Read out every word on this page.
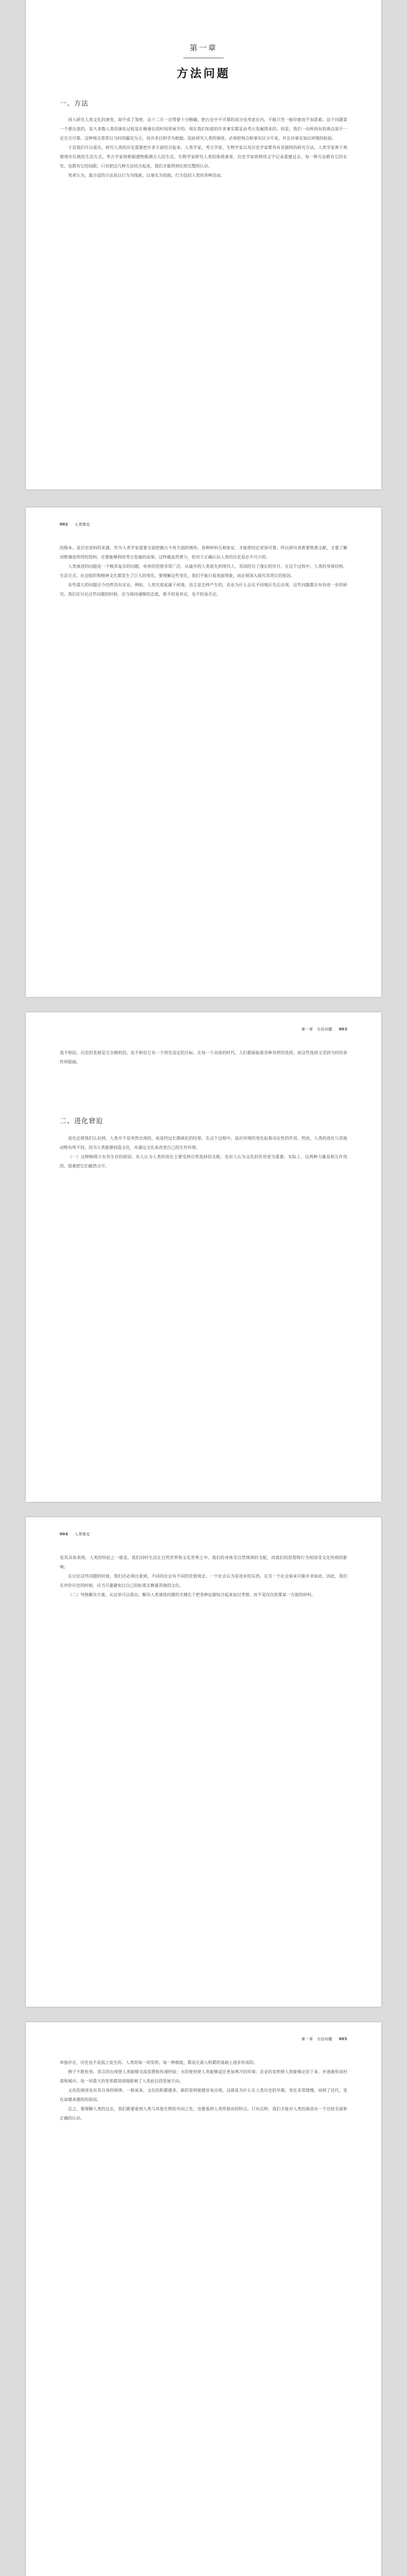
第一章
方法问题
一、方法

国人研究人类文化的演变，却不成了笼统，这十二月一定得要十分精确，把古史中不可靠的成分也考虑在内，不能只凭一般印象而不加思索。这个问题第一个要注意的，是大多数人类的演化过程是在极漫长的时间里展开的。现在我们知道的许多事实都是由考古发掘得来的。但是，我们一向所持有的观点却不一定完全可靠。这种观点常常以当时的偏见为主，而并非以科学为根据。因此研究人类的演进，必须把观点和事实区分开来，并且对事实加以审慎的检验。

于是我们可以看出，研究人类的历史需要把许多方面结合起来。人类学家、考古学家、生物学家以及历史学家都各有其独特的研究方法。人类学家善于观察现存民族的生活方式，考古学家则根据遗物推测古人的生活，生物学家研究人类的体质演变，历史学家则利用文字记录重建过去。每一种方法都有它的长处，也都有它的局限。只有把这几种方法结合起来，我们才能得到比较完整的认识。

笔者认为，最合适的方法是以行为为线索，以事实为依据，行为包括人类的各种活动。

002 人类简史

的根本。虽历史资料的来源，作为人类学家需要全面把握古今各方面的情形。各种材料互相参证，才能使结论更加可靠。所以研究者既要熟悉文献，又要了解田野调查所得的资料，还要能够利用考古发掘的成果。这样做虽然费力，但对于正确认识人类的历史是必不可少的。

人类演进的问题是一个极其复杂的问题，牵涉的范围非常广泛。从最早的人类祖先到现代人，其间经历了漫长的岁月。在这个过程中，人类的身体结构、生活方式、社会组织和精神文化都发生了巨大的变化。要理解这些变化，我们不能只看表面现象，而必须深入探究其背后的原因。

有些重大的问题至今仍然没有定论。例如，人类究竟起源于何地，语言是怎样产生的，农业为什么会在不同地区先后出现，这些问题都还有待进一步的研究。我们在讨论这些问题的时候，应当保持谨慎的态度，既不轻易肯定，也不轻易否定。

第一章　方法问题 003

我不相信，历史的发展是完全随机的，也不相信它有一个预先设定的目标。在每一个具体的时代，人们都面临着各种各样的选择，而这些选择又受到当时的条件所限制。

二、进化窘迫

进化论使我们认识到，人类并不是突然出现的，而是经过长期演化的结果。在这个过程中，适应环境的变化起着决定性的作用。然而，人类的进化与其他动物有所不同，因为人类能够创造文化，并通过文化来改变自己的生存环境。

（一）这种障碍力有其生存的原因。有人认为人类的进化主要受到自然选择的支配，也有人认为文化的作用更为重要。实际上，这两种力量是相互作用的，很难把它们截然分开。

004 人类简史

是其具体表现。人类的特征之一就是，我们同时生活在自然世界和文化世界之中。我们的身体受自然规律的支配，而我们的思想和行为则深受文化传统的影响。

在讨论这些问题的时候，我们还必须注意到，不同的社会有不同的价值观念。一个社会认为是进步的东西，在另一个社会看来可能并非如此。因此，我们在评价历史的时候，应当尽量避免以自己的标准去衡量其他的文化。

（二）导致解决方案。从这里可以看出，解决人类演进问题的关键在于把各种证据综合起来加以考察，而不是仅仅依靠某一方面的材料。

第一章　方法问题 005

单独存在，历史也不是孤立发生的。人类的每一项发明、每一种制度，都是在前人积累的基础上逐步形成的。

例子不胜枚举。语言的出现使人类能够交流思想和传递经验；火的使用使人类能够适应更加寒冷的环境；农业的发明使人类能够定居下来，并逐渐形成村落和城市。每一项重大的变革都深刻地影响了人类此后的发展方向。

文化的演进也有其自身的规律。一般说来，文化的积累越多，新的发明就越容易出现。这就是为什么在人类历史的早期，变化非常缓慢，而到了近代，变化却越来越快的原因。

总之，要理解人类的过去，我们既要看到人类与其他生物的共同之处，也要看到人类所独有的特点。只有这样，我们才能对人类的演进有一个比较全面和正确的认识。
